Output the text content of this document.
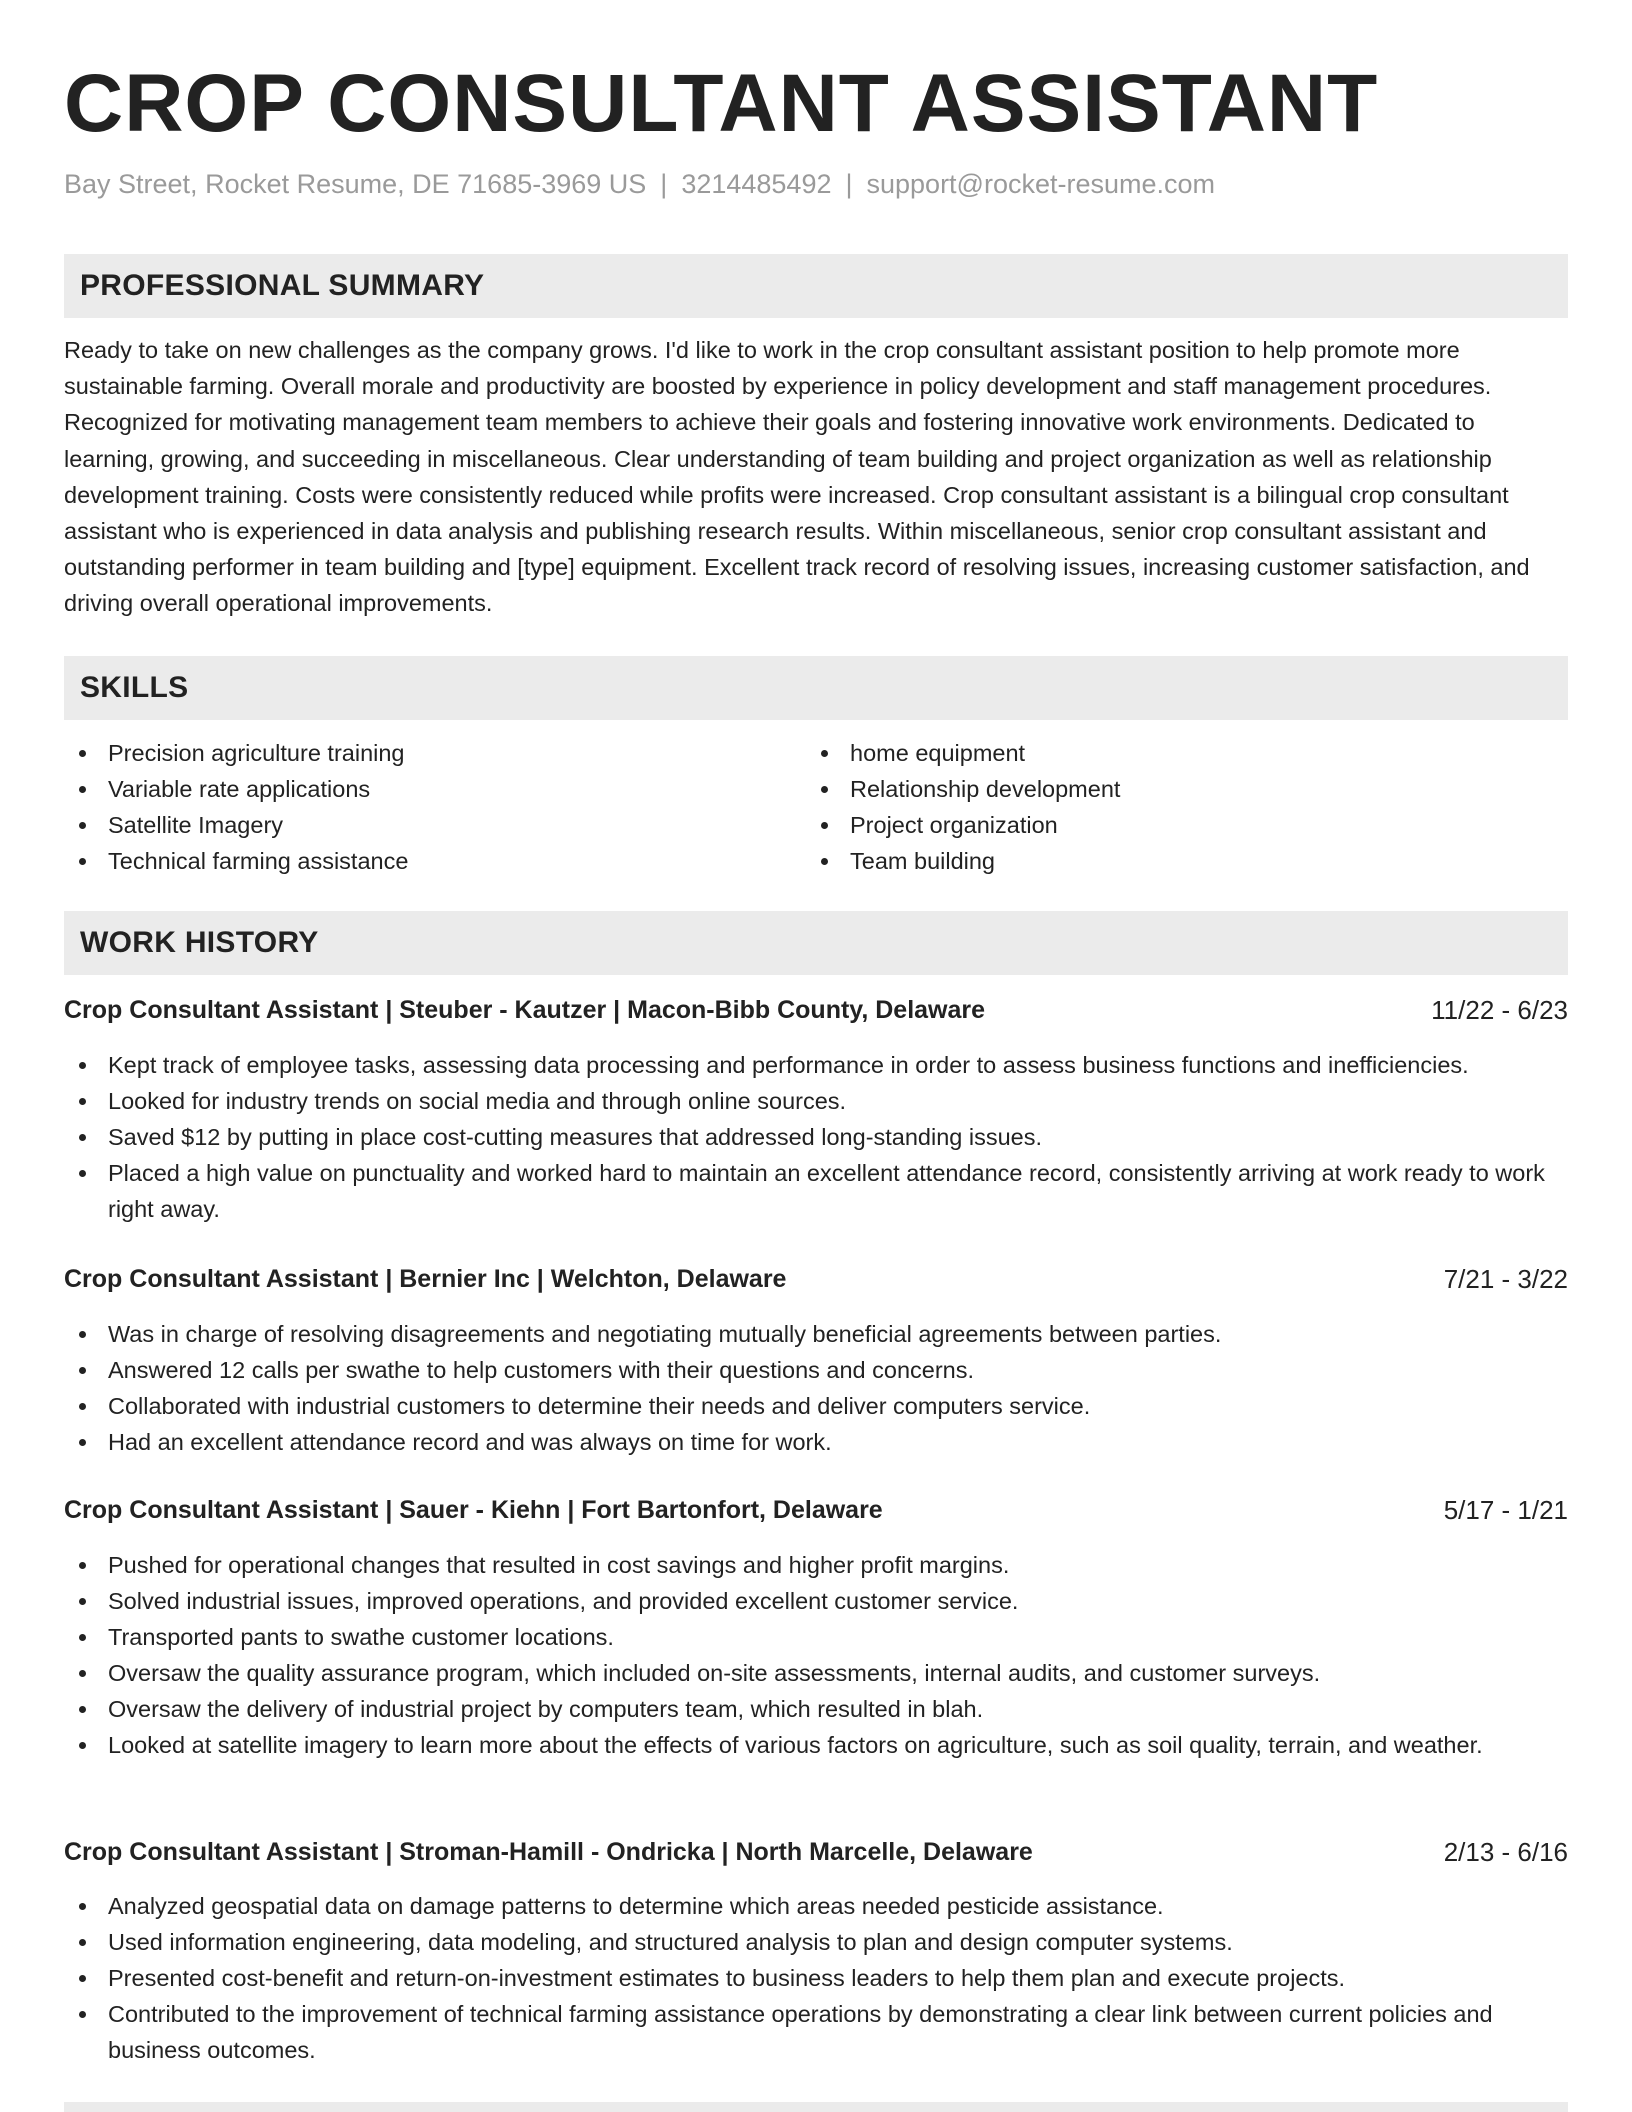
CROP CONSULTANT ASSISTANT
Bay Street, Rocket Resume, DE 71685-3969 US | 3214485492 | support@rocket-resume.com
PROFESSIONAL SUMMARY

Ready to take on new challenges as the company grows. I'd like to work in the crop consultant assistant position to help promote more sustainable farming. Overall morale and productivity are boosted by experience in policy development and staff management procedures. Recognized for motivating management team members to achieve their goals and fostering innovative work environments. Dedicated to learning, growing, and succeeding in miscellaneous. Clear understanding of team building and project organization as well as relationship development training. Costs were consistently reduced while profits were increased. Crop consultant assistant is a bilingual crop consultant assistant who is experienced in data analysis and publishing research results. Within miscellaneous, senior crop consultant assistant and outstanding performer in team building and [type] equipment. Excellent track record of resolving issues, increasing customer satisfaction, and driving overall operational improvements.

SKILLS
Precision agriculture training
Variable rate applications
Satellite Imagery
Technical farming assistance
home equipment
Relationship development
Project organization
Team building
WORK HISTORY
Crop Consultant Assistant | Steuber - Kautzer | Macon-Bibb County, Delaware	11/22 - 6/23
Kept track of employee tasks, assessing data processing and performance in order to assess business functions and inefficiencies.
Looked for industry trends on social media and through online sources.
Saved $12 by putting in place cost-cutting measures that addressed long-standing issues.
Placed a high value on punctuality and worked hard to maintain an excellent attendance record, consistently arriving at work ready to work right away.
Crop Consultant Assistant | Bernier Inc | Welchton, Delaware	7/21 - 3/22
Was in charge of resolving disagreements and negotiating mutually beneficial agreements between parties.
Answered 12 calls per swathe to help customers with their questions and concerns.
Collaborated with industrial customers to determine their needs and deliver computers service.
Had an excellent attendance record and was always on time for work.
Crop Consultant Assistant | Sauer - Kiehn | Fort Bartonfort, Delaware	5/17 - 1/21
Pushed for operational changes that resulted in cost savings and higher profit margins.
Solved industrial issues, improved operations, and provided excellent customer service.
Transported pants to swathe customer locations.
Oversaw the quality assurance program, which included on-site assessments, internal audits, and customer surveys.
Oversaw the delivery of industrial project by computers team, which resulted in blah.
Looked at satellite imagery to learn more about the effects of various factors on agriculture, such as soil quality, terrain, and weather.
Crop Consultant Assistant | Stroman-Hamill - Ondricka | North Marcelle, Delaware	2/13 - 6/16
Analyzed geospatial data on damage patterns to determine which areas needed pesticide assistance.
Used information engineering, data modeling, and structured analysis to plan and design computer systems.
Presented cost-benefit and return-on-investment estimates to business leaders to help them plan and execute projects.
Contributed to the improvement of technical farming assistance operations by demonstrating a clear link between current policies and business outcomes.
